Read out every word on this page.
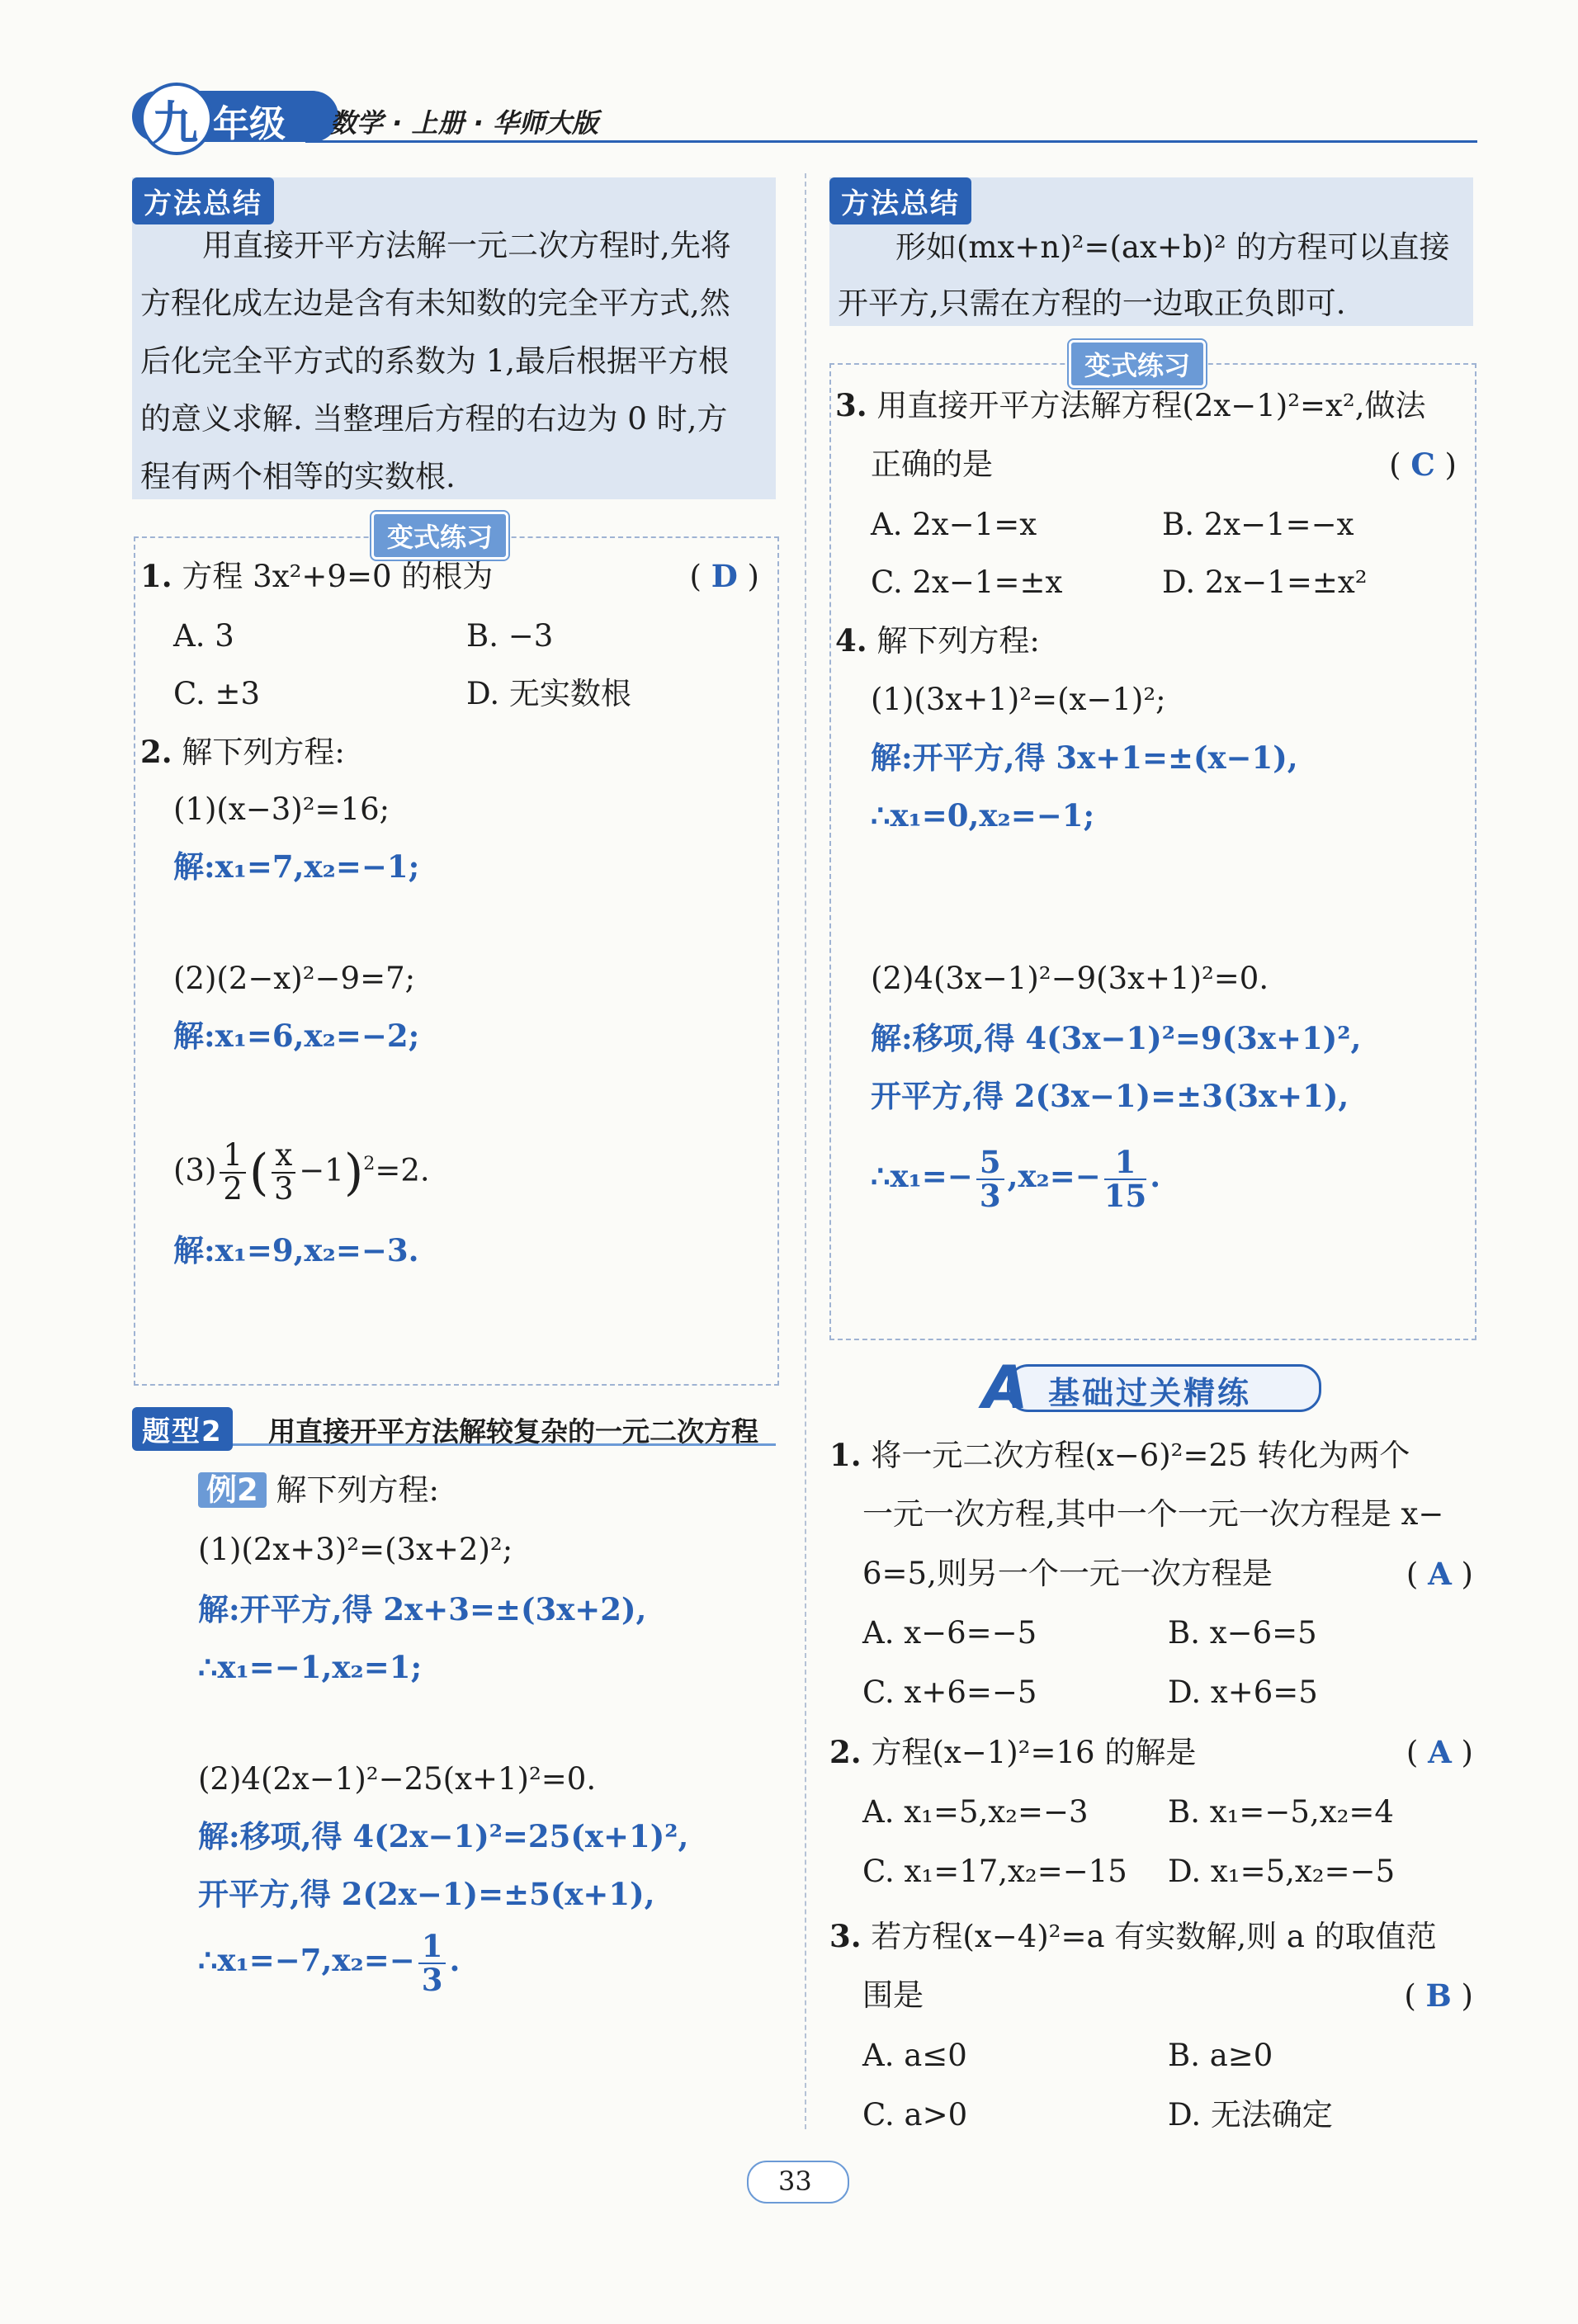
九 年级 数学 · 上册 · 华师大版
方法总结
用直接开平方法解一元二次方程时,先将
方程化成左边是含有未知数的完全平方式,然
后化完全平方式的系数为 1,最后根据平方根
的意义求解. 当整理后方程的右边为 0 时,方
程有两个相等的实数根.
变式练习
1. 方程 3x²+9=0 的根为	( D )
A. 3	B. −3
C. ±3	D. 无实数根
2. 解下列方程:
(1)(x−3)²=16;
解:x₁=7,x₂=−1;
(2)(2−x)²−9=7;
解:x₁=6,x₂=−2;
$(3) \frac{1}{2}$ ( $\frac{x}{3} -1)^2=2$.
解:x₁=9,x₂=−3.
题型2	用直接开平方法解较复杂的一元二次方程
例2 解下列方程:
(1)(2x+3)²=(3x+2)²;
解:开平方,得 2x+3=±(3x+2),
∴x₁=−1,x₂=1;
(2)4(2x−1)²−25(x+1)²=0.
解:移项,得 4(2x−1)²=25(x+1)²,
开平方,得 2(2x−1)=±5(x+1),
∴x₁=−7,x₂=− $\frac{1}{3}$ .
方法总结
形如(mx+n)²=(ax+b)² 的方程可以直接
开平方,只需在方程的一边取正负即可.
变式练习
3. 用直接开平方法解方程(2x−1)²=x²,做法
正确的是	( C )
A. 2x−1=x	B. 2x−1=−x
C. 2x−1=±x	D. 2x−1=±x²
4. 解下列方程:
(1)(3x+1)²=(x−1)²;
解:开平方,得 3x+1=±(x−1),
∴x₁=0,x₂=−1;
(2)4(3x−1)²−9(3x+1)²=0.
解:移项,得 4(3x−1)²=9(3x+1)²,
开平方,得 2(3x−1)=±3(3x+1),
∴x₁=− $\frac{5}{3} ,x_2=- \frac{1}{15}$ .
A 基础过关精练
1. 将一元二次方程(x−6)²=25 转化为两个
一元一次方程,其中一个一元一次方程是 x−
6=5,则另一个一元一次方程是	( A )
A. x−6=−5	B. x−6=5
C. x+6=−5	D. x+6=5
2. 方程(x−1)²=16 的解是	( A )
A. x₁=5,x₂=−3	B. x₁=−5,x₂=4
C. x₁=17,x₂=−15 D. x₁=5,x₂=−5
3. 若方程(x−4)²=a 有实数解,则 a 的取值范
围是	( B )
A. a≤0	B. a≥0
C. a>0	D. 无法确定
33
